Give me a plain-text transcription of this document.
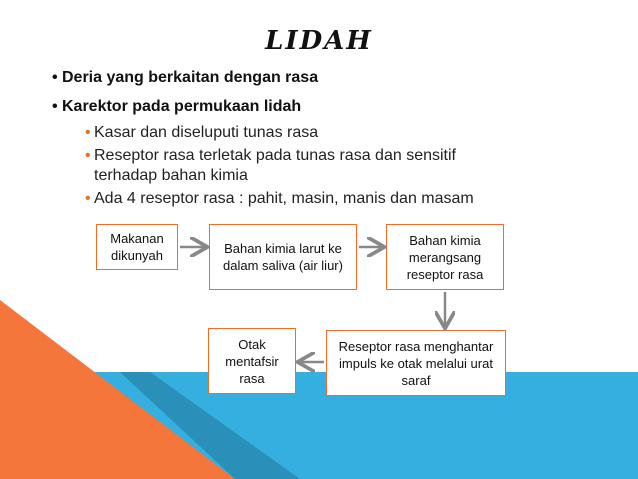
LIDAH
• Deria yang berkaitan dengan rasa
• Karektor pada permukaan lidah
• Kasar dan diseluputi tunas rasa
• Reseptor rasa terletak pada tunas rasa dan sensitif
terhadap bahan kimia
• Ada 4 reseptor rasa : pahit, masin, manis dan masam
Makanan dikunyah	Bahan kimia larut ke dalam saliva (air liur)
Bahan kimia merangsang reseptor rasa
Reseptor rasa menghantar impuls ke otak melalui urat saraf
Otak mentafsir rasa
